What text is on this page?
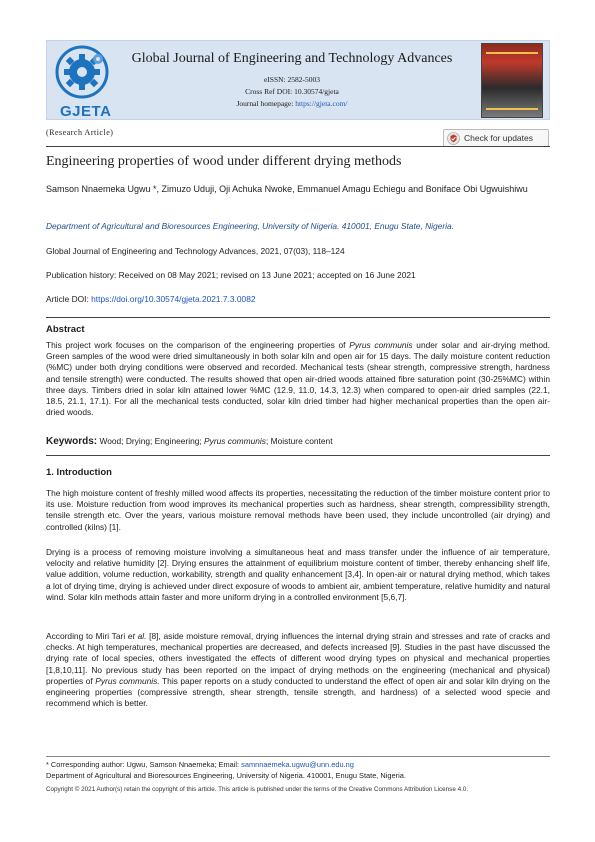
GJETA
Global Journal of Engineering and Technology Advances
eISSN: 2582-5003
Cross Ref DOI: 10.30574/gjeta
Journal homepage: https://gjeta.com/
(Research Article)
Check for updates
Engineering properties of wood under different drying methods
Samson Nnaemeka Ugwu *, Zimuzo Uduji, Oji Achuka Nwoke, Emmanuel Amagu Echiegu and Boniface Obi Ugwuishiwu
Department of Agricultural and Bioresources Engineering, University of Nigeria. 410001, Enugu State, Nigeria.
Global Journal of Engineering and Technology Advances, 2021, 07(03), 118–124
Publication history: Received on 08 May 2021; revised on 13 June 2021; accepted on 16 June 2021
Article DOI: https://doi.org/10.30574/gjeta.2021.7.3.0082
Abstract
This project work focuses on the comparison of the engineering properties of Pyrus communis under solar and air-drying method. Green samples of the wood were dried simultaneously in both solar kiln and open air for 15 days. The daily moisture content reduction (%MC) under both drying conditions were observed and recorded. Mechanical tests (shear strength, compressive strength, hardness and tensile strength) were conducted. The results showed that open air-dried woods attained fibre saturation point (30-25%MC) within three days. Timbers dried in solar kiln attained lower %MC (12.9, 11.0, 14.3, 12.3) when compared to open-air dried samples (22.1, 18.5, 21.1, 17.1). For all the mechanical tests conducted, solar kiln dried timber had higher mechanical properties than the open air-dried woods.
Keywords: Wood; Drying; Engineering; Pyrus communis; Moisture content
1. Introduction
The high moisture content of freshly milled wood affects its properties, necessitating the reduction of the timber moisture content prior to its use. Moisture reduction from wood improves its mechanical properties such as hardness, shear strength, compressibility strength, tensile strength etc. Over the years, various moisture removal methods have been used, they include uncontrolled (air drying) and controlled (kilns) [1].
Drying is a process of removing moisture involving a simultaneous heat and mass transfer under the influence of air temperature, velocity and relative humidity [2]. Drying ensures the attainment of equilibrium moisture content of timber, thereby enhancing shelf life, value addition, volume reduction, workability, strength and quality enhancement [3,4]. In open-air or natural drying method, which takes a lot of drying time, drying is achieved under direct exposure of woods to ambient air, ambient temperature, relative humidity and natural wind. Solar kiln methods attain faster and more uniform drying in a controlled environment [5,6,7].
According to Miri Tari et al. [8], aside moisture removal, drying influences the internal drying strain and stresses and rate of cracks and checks. At high temperatures, mechanical properties are decreased, and defects increased [9]. Studies in the past have discussed the drying rate of local species, others investigated the effects of different wood drying types on physical and mechanical properties [1,8,10,11]. No previous study has been reported on the impact of drying methods on the engineering (mechanical and physical) properties of Pyrus communis. This paper reports on a study conducted to understand the effect of open air and solar kiln drying on the engineering properties (compressive strength, shear strength, tensile strength, and hardness) of a selected wood specie and recommend which is better.
* Corresponding author: Ugwu, Samson Nnaemeka; Email: samnnaemeka.ugwu@unn.edu.ng
Department of Agricultural and Bioresources Engineering, University of Nigeria. 410001, Enugu State, Nigeria.
Copyright © 2021 Author(s) retain the copyright of this article. This article is published under the terms of the Creative Commons Attribution License 4.0.
